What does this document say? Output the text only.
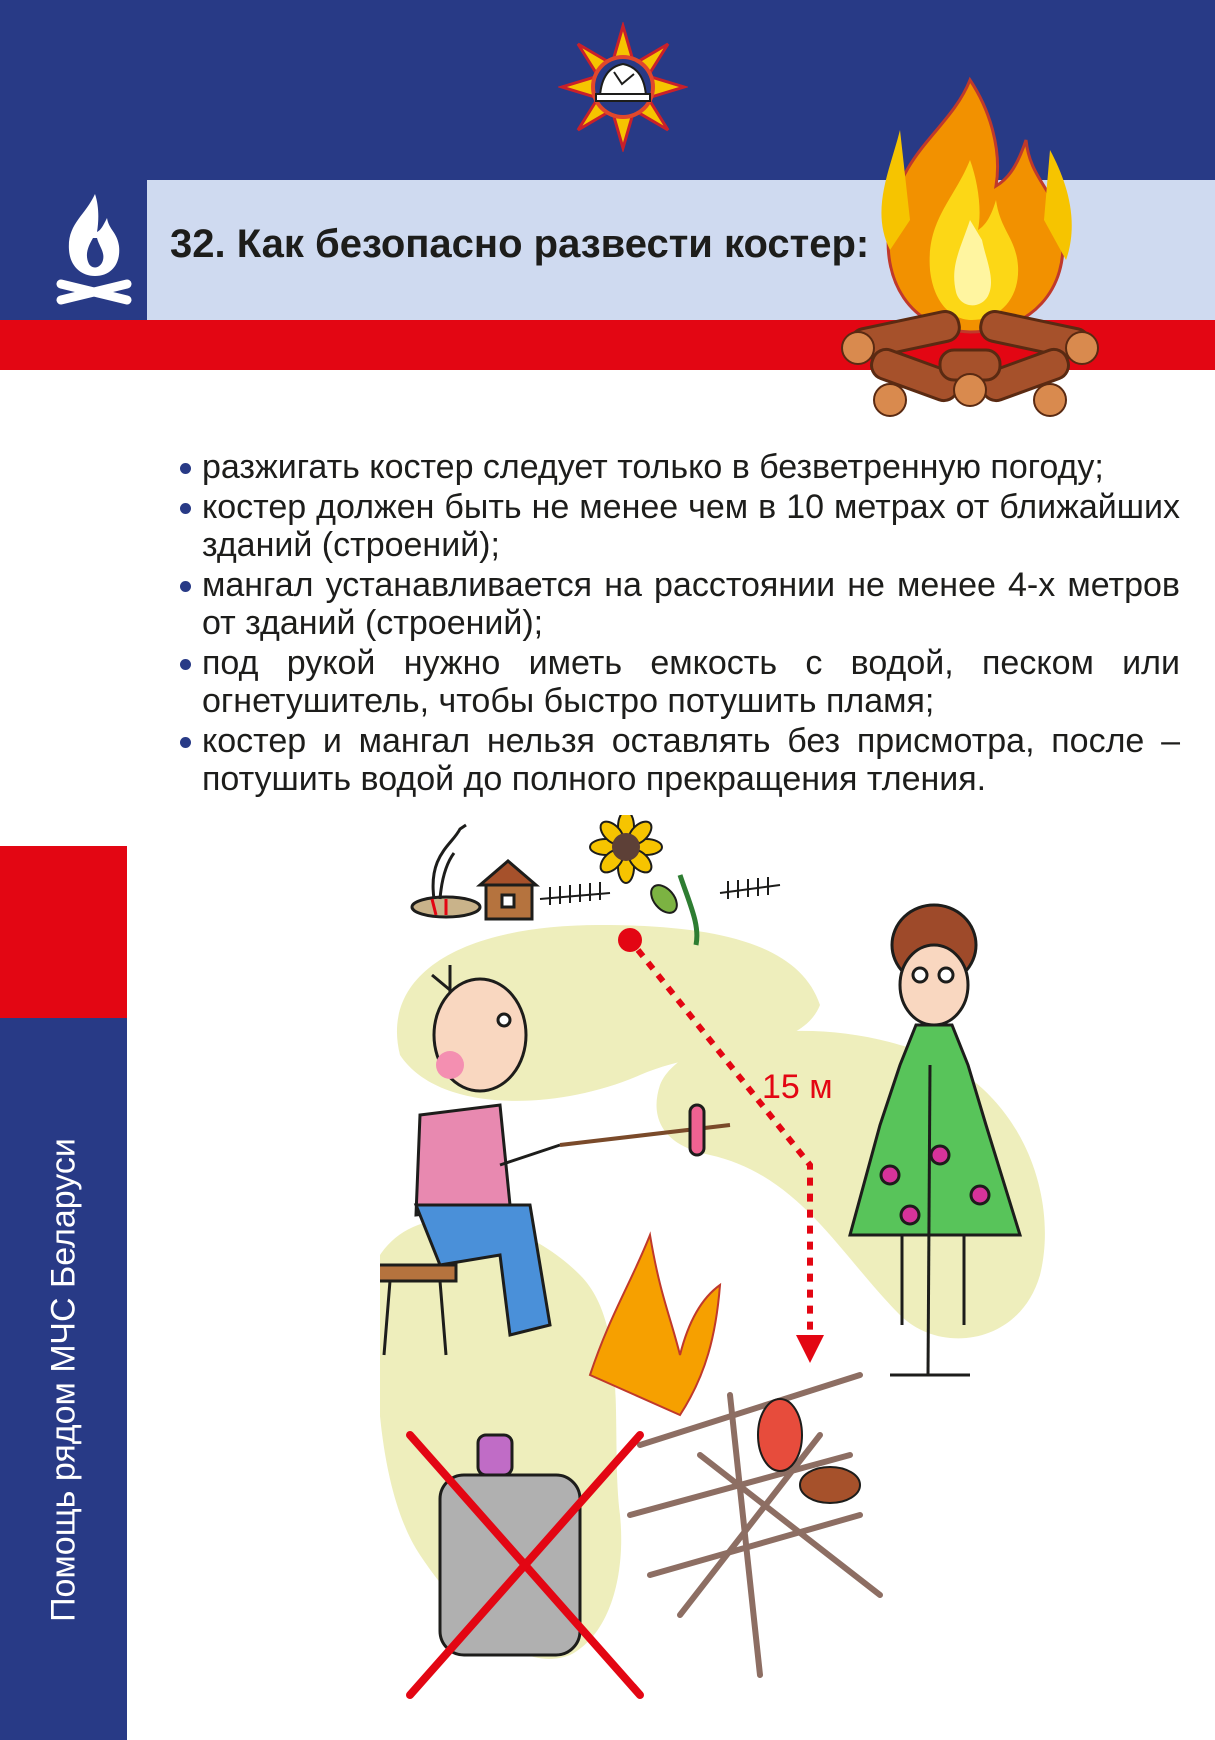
32. Как безопасно развести костер:
разжигать костер следует только в безветренную погоду;
костер должен быть не менее чем в 10 метрах от ближайших зданий (строений);
мангал устанавливается на расстоянии не менее 4-х метров от зданий (строений);
под рукой нужно иметь емкость с водой, песком или огнетушитель, чтобы быстро потушить пламя;
костер и мангал нельзя оставлять без присмотра, после – потушить водой до полного прекращения тления.
Помощь рядом МЧС Беларуси
15 м
